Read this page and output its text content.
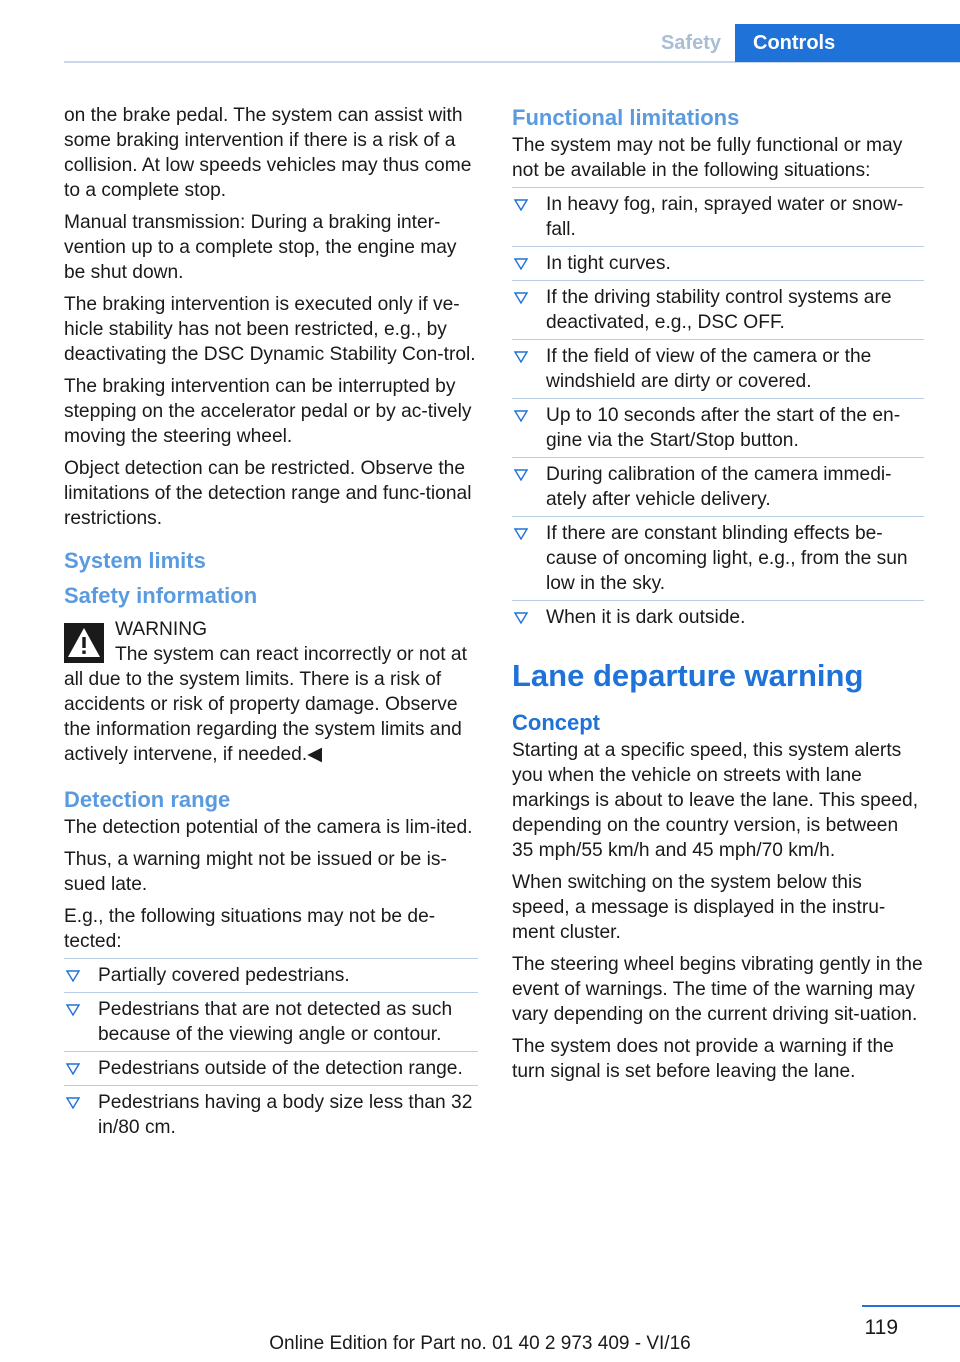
Safety	Controls

on the brake pedal. The system can assist with some braking intervention if there is a risk of a collision. At low speeds vehicles may thus come to a complete stop.

Manual transmission: During a braking inter‐vention up to a complete stop, the engine may be shut down.

The braking intervention is executed only if ve‐hicle stability has not been restricted, e.g., by deactivating the DSC Dynamic Stability Con‐trol.

The braking intervention can be interrupted by stepping on the accelerator pedal or by ac‐tively moving the steering wheel.

Object detection can be restricted. Observe the limitations of the detection range and func‐tional restrictions.

System limits
Safety information
WARNING

The system can react incorrectly or not at all due to the system limits. There is a risk of accidents or risk of property damage. Observe the information regarding the system limits and actively intervene, if needed.◀

Detection range

The detection potential of the camera is lim‐ited.

Thus, a warning might not be issued or be is‐sued late.

E.g., the following situations may not be de‐tected:

Partially covered pedestrians.
Pedestrians that are not detected as such because of the viewing angle or contour.
Pedestrians outside of the detection range.
Pedestrians having a body size less than 32 in/80 cm.
Functional limitations

The system may not be fully functional or may not be available in the following situations:

In heavy fog, rain, sprayed water or snow‐fall.
In tight curves.
If the driving stability control systems are deactivated, e.g., DSC OFF.
If the field of view of the camera or the windshield are dirty or covered.
Up to 10 seconds after the start of the en‐gine via the Start/Stop button.
During calibration of the camera immedi‐ately after vehicle delivery.
If there are constant blinding effects be‐cause of oncoming light, e.g., from the sun low in the sky.
When it is dark outside.
Lane departure warning
Concept

Starting at a specific speed, this system alerts you when the vehicle on streets with lane markings is about to leave the lane. This speed, depending on the country version, is between 35 mph/55 km/h and 45 mph/70 km/h.

When switching on the system below this speed, a message is displayed in the instru‐ment cluster.

The steering wheel begins vibrating gently in the event of warnings. The time of the warning may vary depending on the current driving sit‐uation.

The system does not provide a warning if the turn signal is set before leaving the lane.

119
Online Edition for Part no. 01 40 2 973 409 - VI/16
